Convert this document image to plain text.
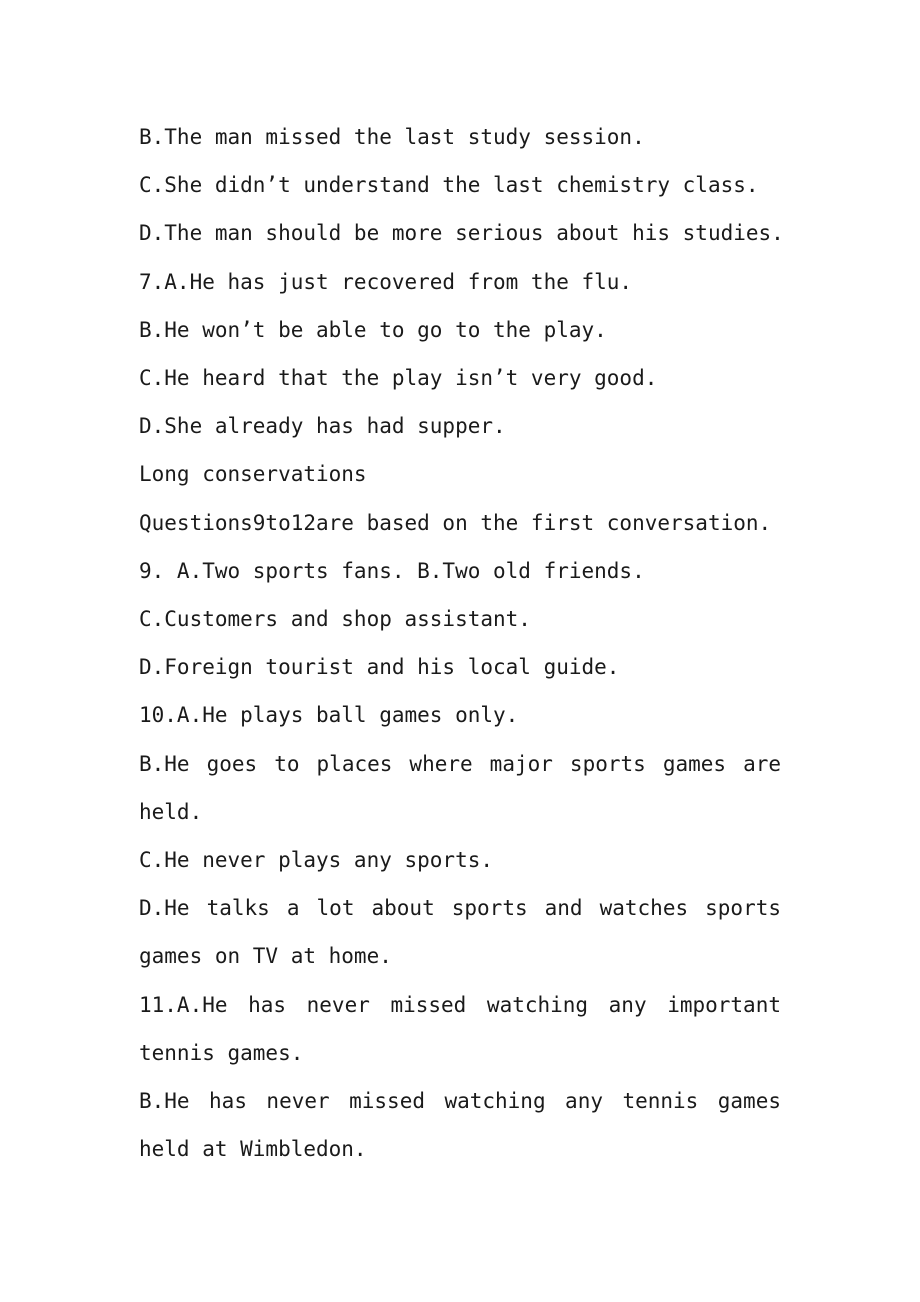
B.The man missed the last study session.
C.She didn’t understand the last chemistry class.
D.The man should be more serious about his studies.
7.A.He has just recovered from the flu.
B.He won’t be able to go to the play.
C.He heard that the play isn’t very good.
D.She already has had supper.
Long conservations
Questions9to12are based on the first conversation.
9. A.Two sports fans. B.Two old friends.
C.Customers and shop assistant.
D.Foreign tourist and his local guide.
10.A.He plays ball games only.
B.He goes to places where major sports games are
held.
C.He never plays any sports.
D.He talks a lot about sports and watches sports
games on TV at home.
11.A.He has never missed watching any important
tennis games.
B.He has never missed watching any tennis games
held at Wimbledon.
